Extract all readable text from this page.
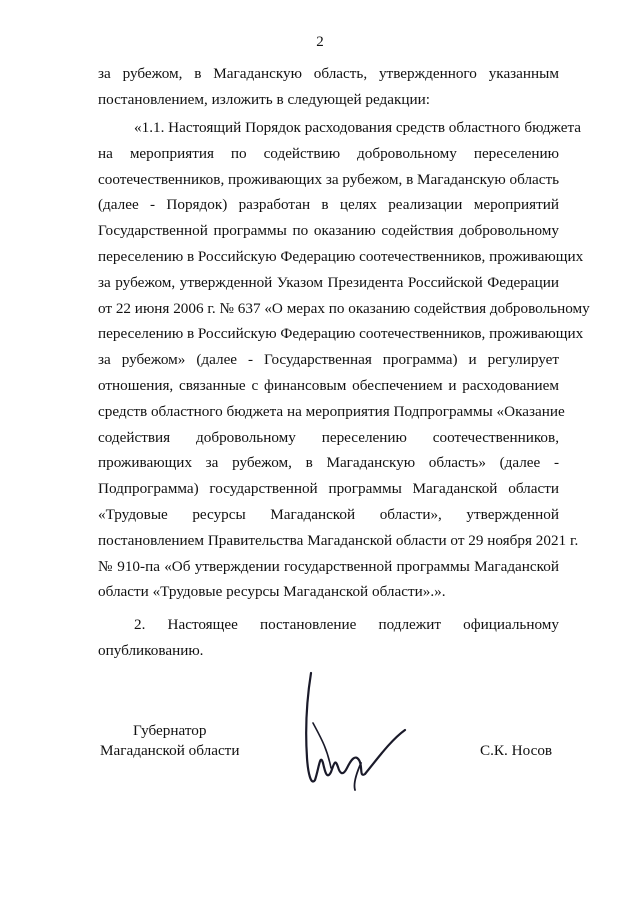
2
за рубежом, в Магаданскую область, утвержденного указанным
постановлением, изложить в следующей редакции:
«1.1. Настоящий Порядок расходования средств областного бюджета
на мероприятия по содействию добровольному переселению
соотечественников, проживающих за рубежом, в Магаданскую область
(далее - Порядок) разработан в целях реализации мероприятий
Государственной программы по оказанию содействия добровольному
переселению в Российскую Федерацию соотечественников, проживающих
за рубежом, утвержденной Указом Президента Российской Федерации
от 22 июня 2006 г. № 637 «О мерах по оказанию содействия добровольному
переселению в Российскую Федерацию соотечественников, проживающих
за рубежом» (далее - Государственная программа) и регулирует
отношения, связанные с финансовым обеспечением и расходованием
средств областного бюджета на мероприятия Подпрограммы «Оказание
содействия добровольному переселению соотечественников,
проживающих за рубежом, в Магаданскую область» (далее -
Подпрограмма) государственной программы Магаданской области
«Трудовые ресурсы Магаданской области», утвержденной
постановлением Правительства Магаданской области от 29 ноября 2021 г.
№ 910-па «Об утверждении государственной программы Магаданской
области «Трудовые ресурсы Магаданской области».».
2. Настоящее постановление подлежит официальному
опубликованию.
Губернатор
Магаданской области	С.К. Носов
